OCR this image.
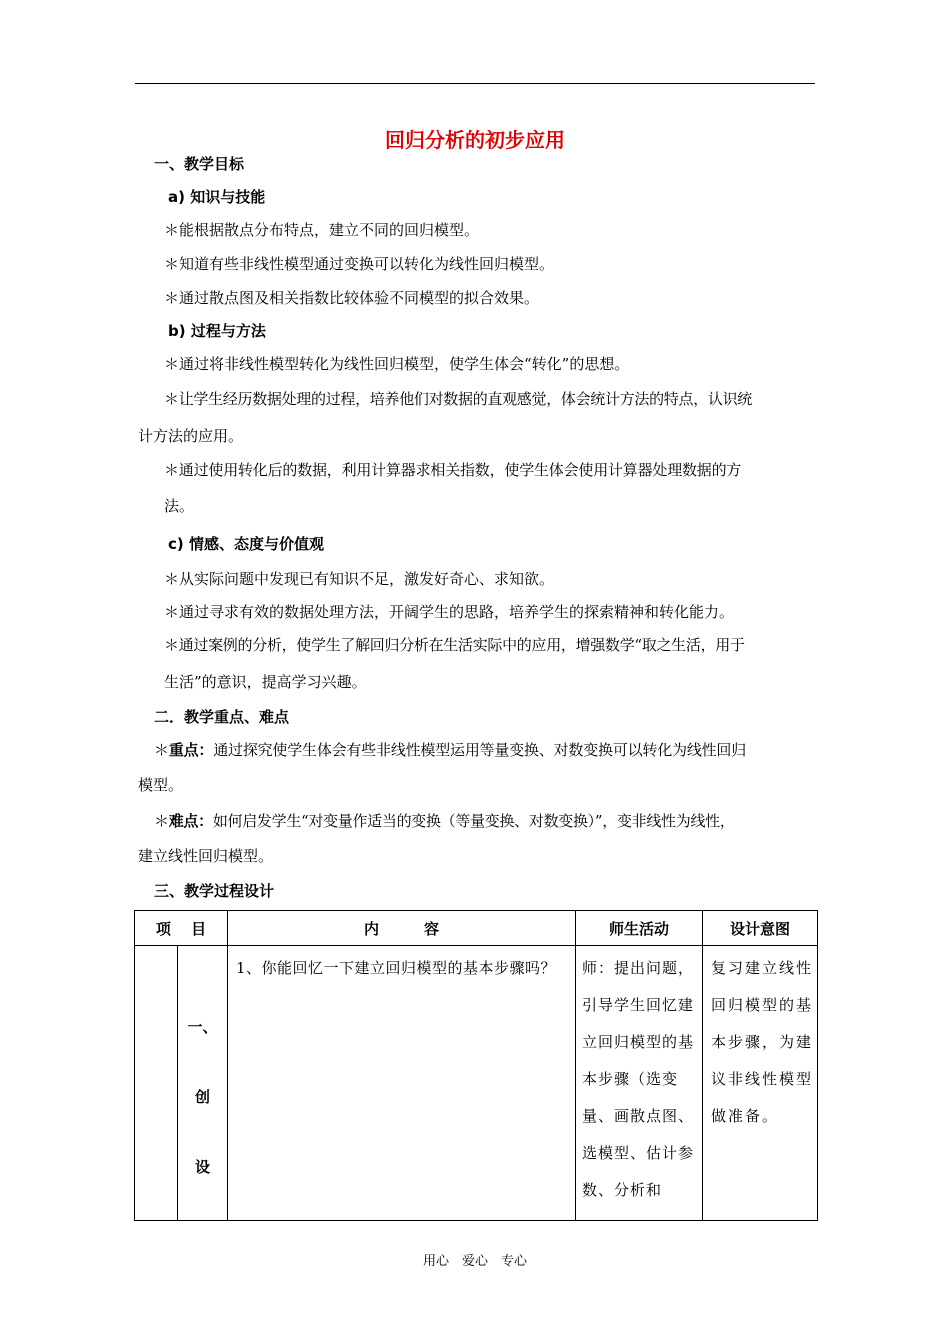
回归分析的初步应用
一、教学目标
a) 知识与技能
＊能根据散点分布特点，建立不同的回归模型。
＊知道有些非线性模型通过变换可以转化为线性回归模型。
＊通过散点图及相关指数比较体验不同模型的拟合效果。
b) 过程与方法
＊通过将非线性模型转化为线性回归模型，使学生体会“转化”的思想。
＊让学生经历数据处理的过程，培养他们对数据的直观感觉，体会统计方法的特点，认识统
计方法的应用。
＊通过使用转化后的数据，利用计算器求相关指数，使学生体会使用计算器处理数据的方
法。
c) 情感、态度与价值观
＊从实际问题中发现已有知识不足，激发好奇心、求知欲。
＊通过寻求有效的数据处理方法，开阔学生的思路，培养学生的探索精神和转化能力。
＊通过案例的分析，使学生了解回归分析在生活实际中的应用，增强数学“取之生活，用于
生活”的意识，提高学习兴趣。
二．教学重点、难点
＊重点：通过探究使学生体会有些非线性模型运用等量变换、对数变换可以转化为线性回归
模型。
＊难点：如何启发学生“对变量作适当的变换（等量变换、对数变换）”，变非线性为线性，
建立线性回归模型。
三、教学过程设计
项　 目		内　　　容	师生活动	设计意图

	一、
创
设	1、你能回忆一下建立回归模型的基本步骤吗？	师：提出问题，引导学生回忆建立回归模型的基本步骤（选变量、画散点图、选模型、估计参数、分析和	复习建立线性回归模型的基本步骤，为建议非线性模型做准备。
用心　爱心　专心
